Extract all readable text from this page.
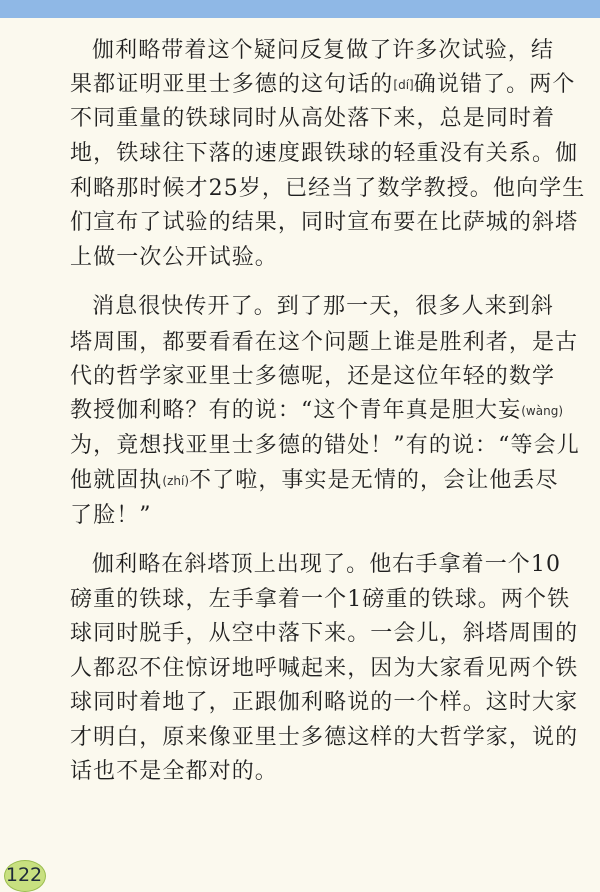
伽利略带着这个疑问反复做了许多次试验，结
果都证明亚里士多德的这句话的[dí]确说错了。两个
不同重量的铁球同时从高处落下来，总是同时着
地，铁球往下落的速度跟铁球的轻重没有关系。伽
利略那时候才25岁，已经当了数学教授。他向学生
们宣布了试验的结果，同时宣布要在比萨城的斜塔
上做一次公开试验。
消息很快传开了。到了那一天，很多人来到斜
塔周围，都要看看在这个问题上谁是胜利者，是古
代的哲学家亚里士多德呢，还是这位年轻的数学
教授伽利略？有的说：“这个青年真是胆大妄(wàng)
为，竟想找亚里士多德的错处！”有的说：“等会儿
他就固执(zhí)不了啦，事实是无情的，会让他丢尽
了脸！”
伽利略在斜塔顶上出现了。他右手拿着一个10
磅重的铁球，左手拿着一个1磅重的铁球。两个铁
球同时脱手，从空中落下来。一会儿，斜塔周围的
人都忍不住惊讶地呼喊起来，因为大家看见两个铁
球同时着地了，正跟伽利略说的一个样。这时大家
才明白，原来像亚里士多德这样的大哲学家，说的
话也不是全都对的。
122
